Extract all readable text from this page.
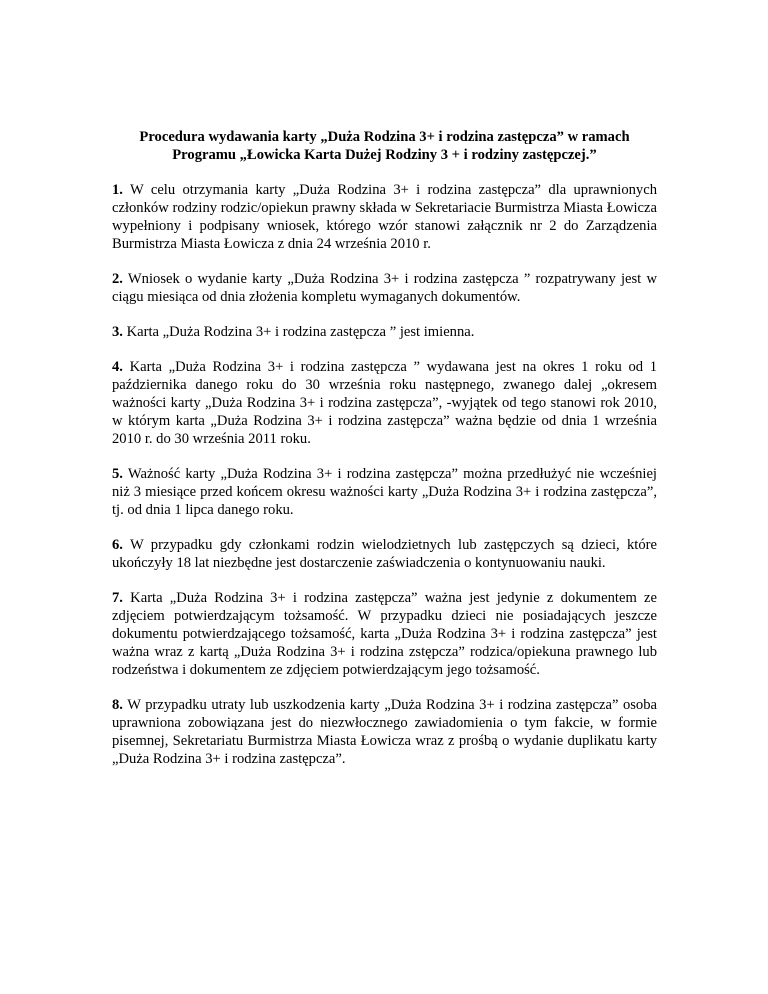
Procedura wydawania karty „Duża Rodzina 3+ i rodzina zastępcza” w ramach
Programu „Łowicka Karta Dużej Rodziny 3 + i rodziny zastępczej.”

1. W celu otrzymania karty „Duża Rodzina 3+ i rodzina zastępcza” dla uprawnionych członków rodziny rodzic/opiekun prawny składa w Sekretariacie Burmistrza Miasta Łowicza wypełniony i podpisany wniosek, którego wzór stanowi załącznik nr 2 do Zarządzenia Burmistrza Miasta Łowicza z dnia 24 września 2010 r.

2. Wniosek o wydanie karty „Duża Rodzina 3+ i rodzina zastępcza ” rozpatrywany jest w ciągu miesiąca od dnia złożenia kompletu wymaganych dokumentów.

3. Karta „Duża Rodzina 3+ i rodzina zastępcza ” jest imienna.

4. Karta „Duża Rodzina 3+ i rodzina zastępcza ” wydawana jest na okres 1 roku od 1 października danego roku do 30 września roku następnego, zwanego dalej „okresem ważności karty „Duża Rodzina 3+ i rodzina zastępcza”, -wyjątek od tego stanowi rok 2010, w którym karta „Duża Rodzina 3+ i rodzina zastępcza” ważna będzie od dnia 1 września 2010 r. do 30 września 2011 roku.

5. Ważność karty „Duża Rodzina 3+ i rodzina zastępcza” można przedłużyć nie wcześniej niż 3 miesiące przed końcem okresu ważności karty „Duża Rodzina 3+ i rodzina zastępcza”, tj. od dnia 1 lipca danego roku.

6. W przypadku gdy członkami rodzin wielodzietnych lub zastępczych są dzieci, które ukończyły 18 lat niezbędne jest dostarczenie zaświadczenia o kontynuowaniu nauki.

7. Karta „Duża Rodzina 3+ i rodzina zastępcza” ważna jest jedynie z dokumentem ze zdjęciem potwierdzającym tożsamość. W przypadku dzieci nie posiadających jeszcze dokumentu potwierdzającego tożsamość, karta „Duża Rodzina 3+ i rodzina zastępcza” jest ważna wraz z kartą „Duża Rodzina 3+ i rodzina zstępcza” rodzica/opiekuna prawnego lub rodzeństwa i dokumentem ze zdjęciem potwierdzającym jego tożsamość.

8. W przypadku utraty lub uszkodzenia karty „Duża Rodzina 3+ i rodzina zastępcza” osoba uprawniona zobowiązana jest do niezwłocznego zawiadomienia o tym fakcie, w formie pisemnej, Sekretariatu Burmistrza Miasta Łowicza wraz z prośbą o wydanie duplikatu karty „Duża Rodzina 3+ i rodzina zastępcza”.
